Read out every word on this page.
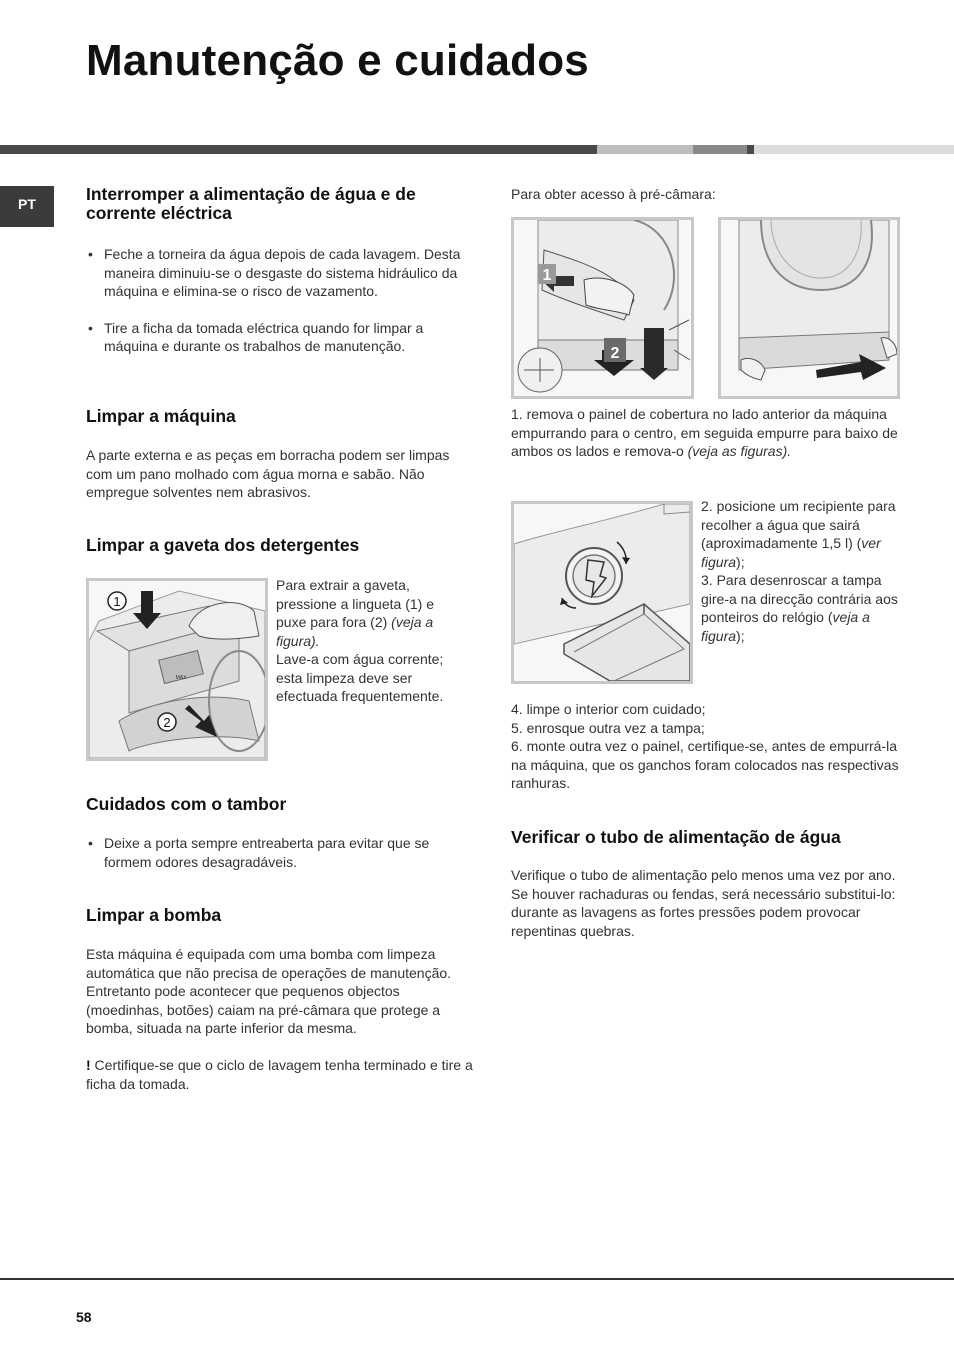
Manutenção e cuidados
PT	Interromper a alimentação de água e de corrente eléctrica

• Feche a torneira da água depois de cada lavagem. Desta maneira diminuiu-se o desgaste do sistema hidráulico da máquina e elimina-se o risco de vazamento.

• Tire a ficha da tomada eléctrica quando for limpar a máquina e durante os trabalhos de manutenção.

Limpar a máquina

A parte externa e as peças em borracha podem ser limpas com um pano molhado com água morna e sabão. Não empregue solventes nem abrasivos.

Limpar a gaveta dos detergentes
1
2
MAX

Para extrair a gaveta, pressione a lingueta (1) e puxe para fora (2) (veja a figura).

Lave-a com água corrente; esta limpeza deve ser efectuada frequentemente.

Cuidados com o tambor

• Deixe a porta sempre entreaberta para evitar que se formem odores desagradáveis.

Limpar a bomba

Esta máquina é equipada com uma bomba com limpeza automática que não precisa de operações de manutenção. Entretanto pode acontecer que pequenos objectos (moedinhas, botões) caiam na pré-câmara que protege a bomba, situada na parte inferior da mesma.

! Certifique-se que o ciclo de lavagem tenha terminado e tire a ficha da tomada.

Para obter acesso à pré-câmara:

1
2

1. remova o painel de cobertura no lado anterior da máquina empurrando para o centro, em seguida empurre para baixo de ambos os lados e remova-o (veja as figuras).

2. posicione um recipiente para recolher a água que sairá (aproximadamente 1,5 l) (ver figura);

3. Para desenroscar a tampa gire-a na direcção contrária aos ponteiros do relógio (veja a figura);

4. limpe o interior com cuidado;

5. enrosque outra vez a tampa;

6. monte outra vez o painel, certifique-se, antes de empurrá-la na máquina, que os ganchos foram colocados nas respectivas ranhuras.

Verificar o tubo de alimentação de água

Verifique o tubo de alimentação pelo menos uma vez por ano. Se houver rachaduras ou fendas, será necessário substitui-lo: durante as lavagens as fortes pressões podem provocar repentinas quebras.

58
